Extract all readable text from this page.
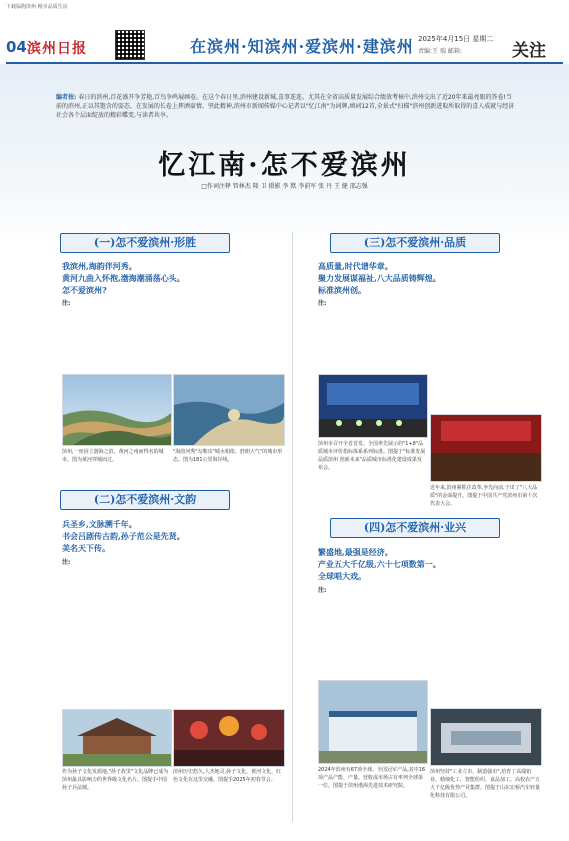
下载临朐滨州 畅享品质生活
04 滨州日报	在滨州·知滨州·爱滨州·建滨州 2025年4月15日 星期二
责编:王 瑞 邮箱:	关注
编者按: 春日的滨州,百花盛开争芳艳,百鸟争鸣展画卷。在这个春日里,滨州建设新城,喜事连连。尤其在全省高质量发展综合绩效考核中,滨州交出了近20年来最亮眼的答卷!当前的滨州,正以其饱含的姿态、在发展的长卷上挥洒豪情。坚此精神,滨州市新闻传媒中心记者以"忆江南"为词牌,填词12首,全景式"扫描"滨州创新进取所取得的喜人成就与经济社会各个层面绽放的精彩蝶变,与读者共享。
忆江南·怎不爱滨州
□作词注释 管林杰 隆 卫 摄影 李 默 李前军 张 丹 王 健 邵志强
(一)怎不爱滨州·形胜
我滨州,海韵伴河秀。
黄河九曲入怀抱,渤海潮涌荡心头。
怎不爱滨州?
注:
滨州,一座因立渤海之滨、黄河之州而得名的城市。图为黄河穿城而过。
"海韵河秀"勾勒出"城水相依、舒朗大气"的城市形态。图为181公里海岸线。
(二)怎不爱滨州·文韵
兵圣乡,文脉溯千年。
书会吕剧传古韵,孙子范公是先贤。
美名天下传。
注:
作为孙子文化发源地,"孙子故里"文化品牌已成为滨州最具影响力的世界级文化名片。图提手中国孙子兵法城。
滨州历史悠久,人杰地灵,孙子文化、黄河文化、红色文化在这里交融。图提手2025年初春节会。
(三)怎不爱滨州·品质
高质量,时代谱华章。
聚力发展谋福祉,八大品质铸辉煌。
标准滨州创。
注:
滨州市召开全省首发、全国率先展示的"1+8"品质城市评价指标体系系列标准。图提于"标准发展品质滨州 创新未来"品质城市标准化建设成果发布会。
近年来,滨州紧抓住改革,争先向前,于出了"八大品质"的金面提升。图提于中国共产党滨州市第十次代表大会。
(四)怎不爱滨州·业兴
繁盛地,最强是经济。
产业五大千亿级,六十七项数第一。
全球唱大戏。
注:
2024年滨州有67项全球、全国冠军产品,其中16项产品产能、产量、营收或市场占有率列全球第一位。图提于滨州渤海先进技术研究院。
滨州坚持"工业立市、制造强市",培育了高端铝业、精细化工、智能纺织、食品加工、高校农产五大千亿级优势产业集群。图提于山东宏桥汽车轻量化科技有限公司。
